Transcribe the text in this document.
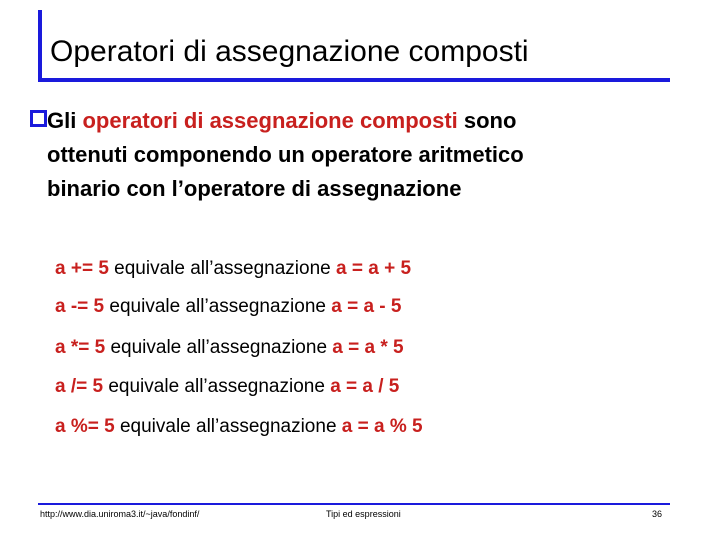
Operatori di assegnazione composti

Gli operatori di assegnazione composti sono
ottenuti componendo un operatore aritmetico
binario con l’operatore di assegnazione

a += 5 equivale all’assegnazione a = a + 5
a -= 5 equivale all’assegnazione a = a - 5
a *= 5 equivale all’assegnazione a = a * 5
a /= 5 equivale all’assegnazione a = a / 5
a %= 5 equivale all’assegnazione a = a % 5
http://www.dia.uniroma3.it/~java/fondinf/	Tipi ed espressioni	36
